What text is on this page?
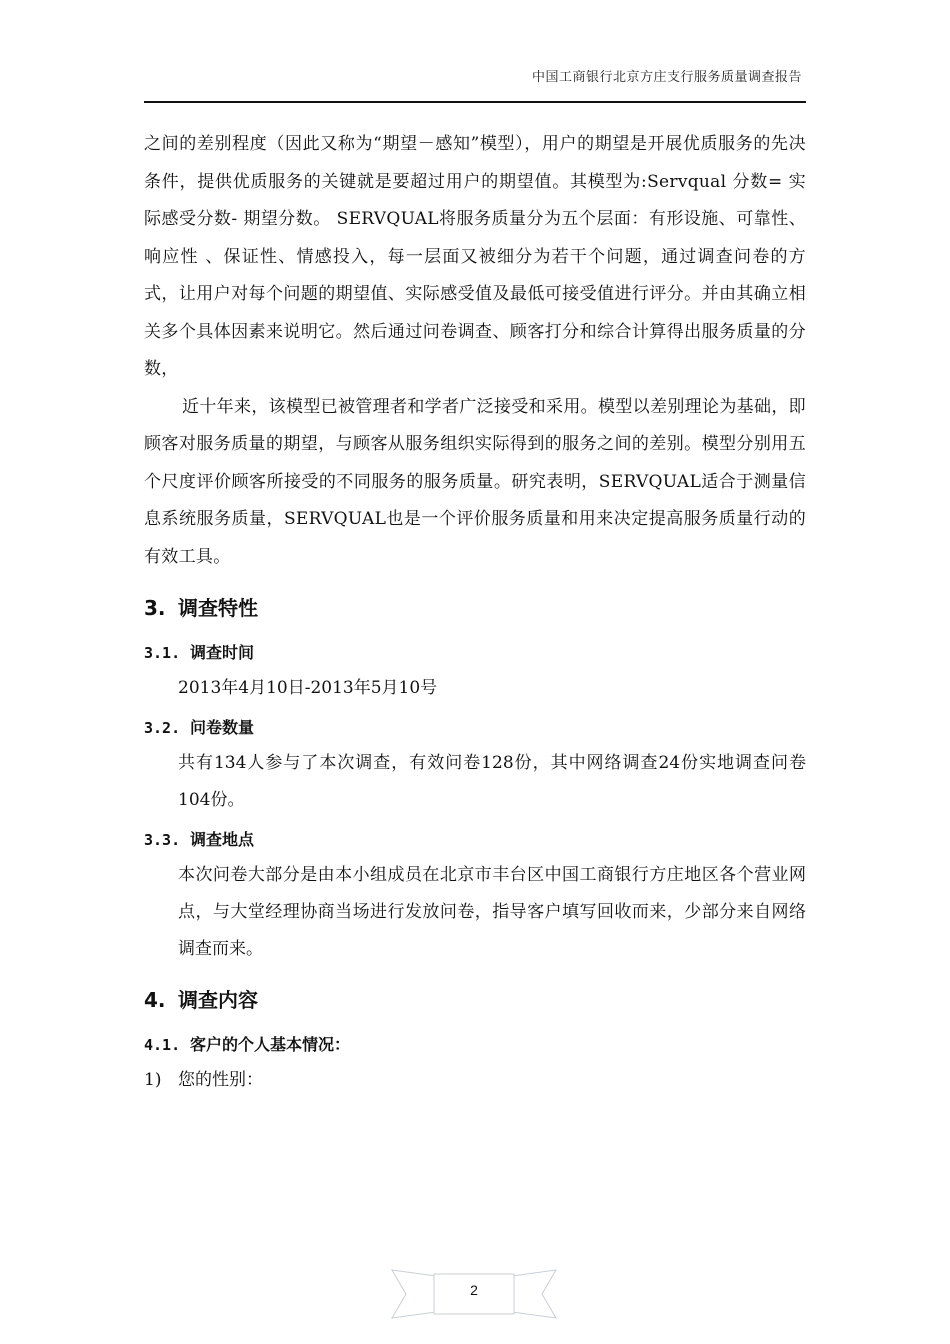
中国工商银行北京方庄支行服务质量调查报告

之间的差别程度（因此又称为“期望－感知”模型），用户的期望是开展优质服务的先决条件，提供优质服务的关键就是要超过用户的期望值。其模型为:Servqual 分数= 实际感受分数- 期望分数。 SERVQUAL将服务质量分为五个层面：有形设施、可靠性、响应性 、保证性、情感投入，每一层面又被细分为若干个问题，通过调查问卷的方式，让用户对每个问题的期望值、实际感受值及最低可接受值进行评分。并由其确立相关多个具体因素来说明它。然后通过问卷调查、顾客打分和综合计算得出服务质量的分数，

近十年来，该模型已被管理者和学者广泛接受和采用。模型以差别理论为基础，即顾客对服务质量的期望，与顾客从服务组织实际得到的服务之间的差别。模型分别用五个尺度评价顾客所接受的不同服务的服务质量。研究表明，SERVQUAL适合于测量信息系统服务质量，SERVQUAL也是一个评价服务质量和用来决定提高服务质量行动的有效工具。

3. 调查特性
3.1. 调查时间

2013年4月10日-2013年5月10号

3.2. 问卷数量

共有134人参与了本次调查，有效问卷128份，其中网络调查24份实地调查问卷104份。

3.3. 调查地点

本次问卷大部分是由本小组成员在北京市丰台区中国工商银行方庄地区各个营业网点，与大堂经理协商当场进行发放问卷，指导客户填写回收而来，少部分来自网络调查而来。

4. 调查内容
4.1. 客户的个人基本情况：

1) 您的性别：

2
